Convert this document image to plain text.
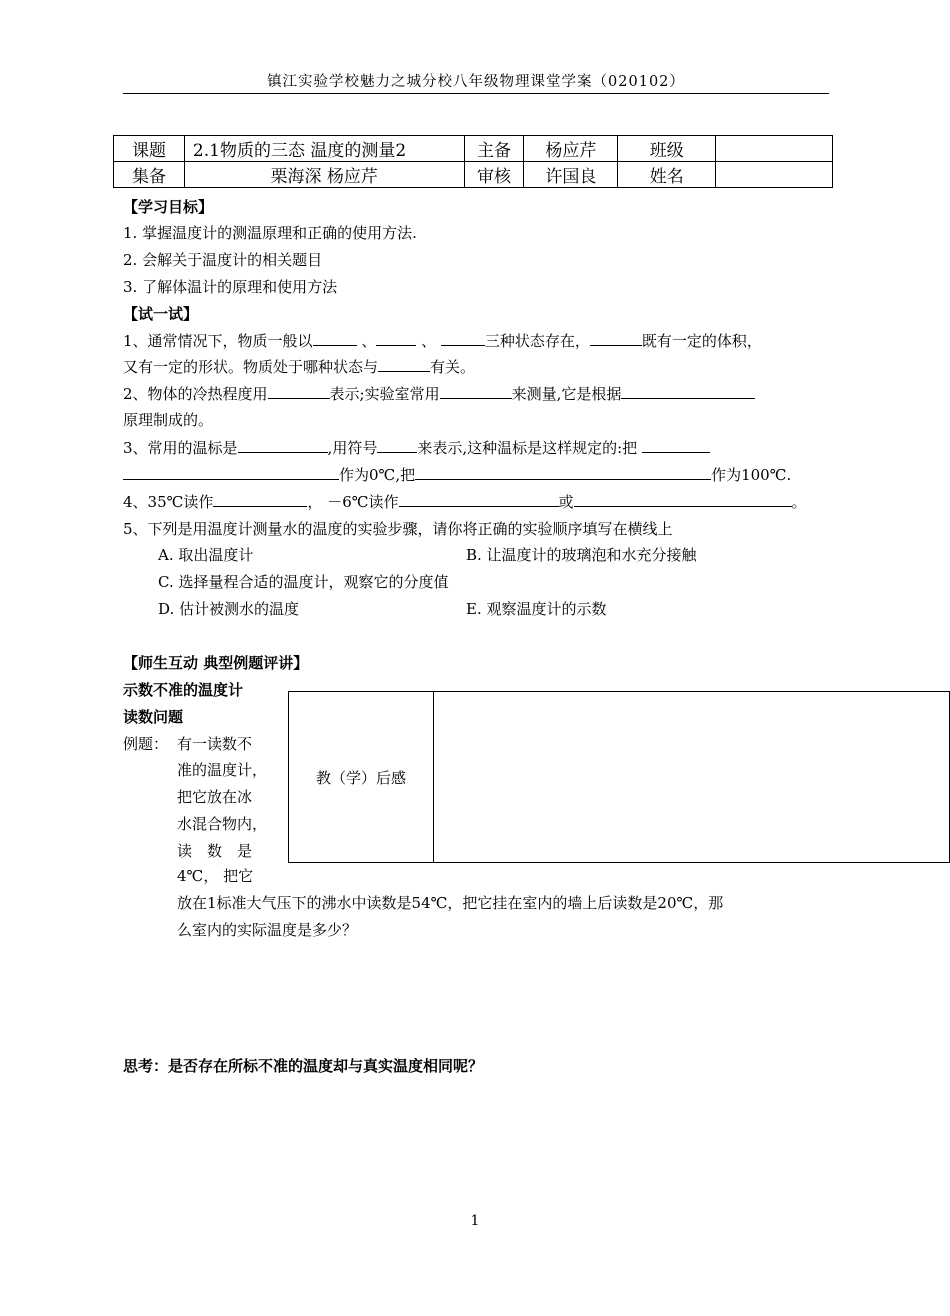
镇江实验学校魅力之城分校八年级物理课堂学案（020102）
课题	2.1物质的三态 温度的测量2	主备	杨应芹	班级	
集备	栗海深 杨应芹	审核	许国良	姓名	
【学习目标】
1. 掌握温度计的测温原理和正确的使用方法.
2. 会解关于温度计的相关题目
3. 了解体温计的原理和使用方法
【试一试】
1、通常情况下，物质一般以	、	、	三种状态存在，	既有一定的体积，
又有一定的形状。物质处于哪种状态与	有关。
2、物体的冷热程度用	表示;实验室常用	来测量,它是根据
原理制成的。
3、常用的温标是	,用符号	来表示,这种温标是这样规定的:把
作为0℃,把	作为100℃.
4、35℃读作	， －6℃读作	或	。
5、下列是用温度计测量水的温度的实验步骤，请你将正确的实验顺序填写在横线上
A. 取出温度计	B. 让温度计的玻璃泡和水充分接触
C. 选择量程合适的温度计，观察它的分度值
D. 估计被测水的温度	E. 观察温度计的示数
【师生互动 典型例题评讲】
示数不准的温度计
读数问题
例题： 有一读数不
准的温度计，
把它放在冰
水混合物内，
读　数　是
4℃， 把它
放在1标准大气压下的沸水中读数是54℃，把它挂在室内的墙上后读数是20℃，那
么室内的实际温度是多少？
教（学）后感	
思考：是否存在所标不准的温度却与真实温度相同呢？
1
